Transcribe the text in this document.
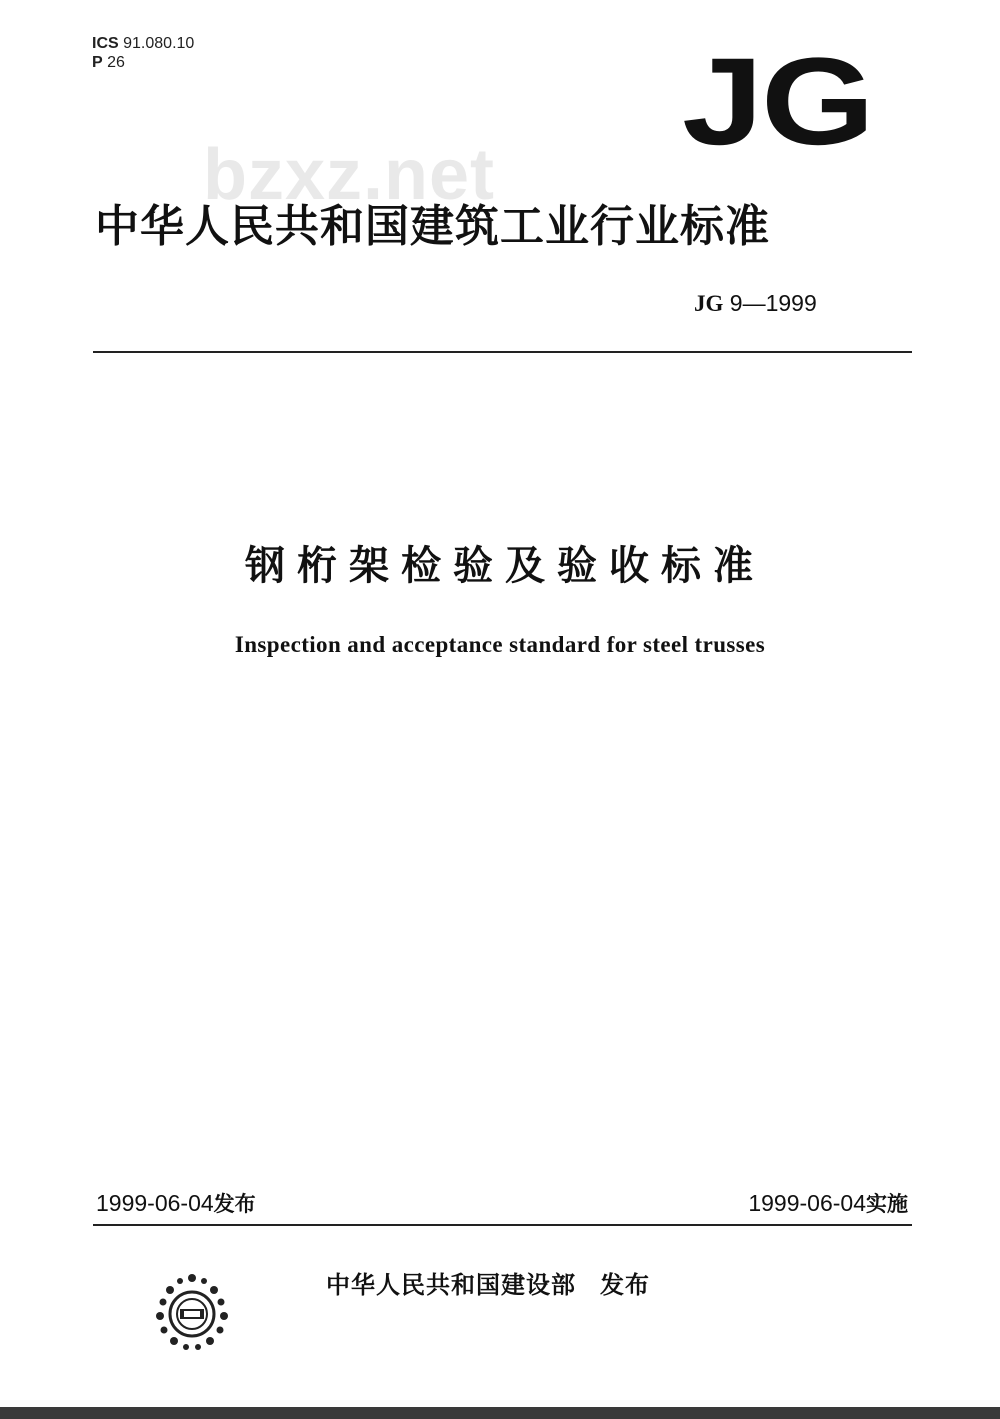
ICS 91.080.10
P 26	JG
bzxz.net
中华人民共和国建筑工业行业标准
JG 9—1999
钢桁架检验及验收标准
Inspection and acceptance standard for steel trusses
1999-06-04发布	1999-06-04实施
中华人民共和国建设部 发布
